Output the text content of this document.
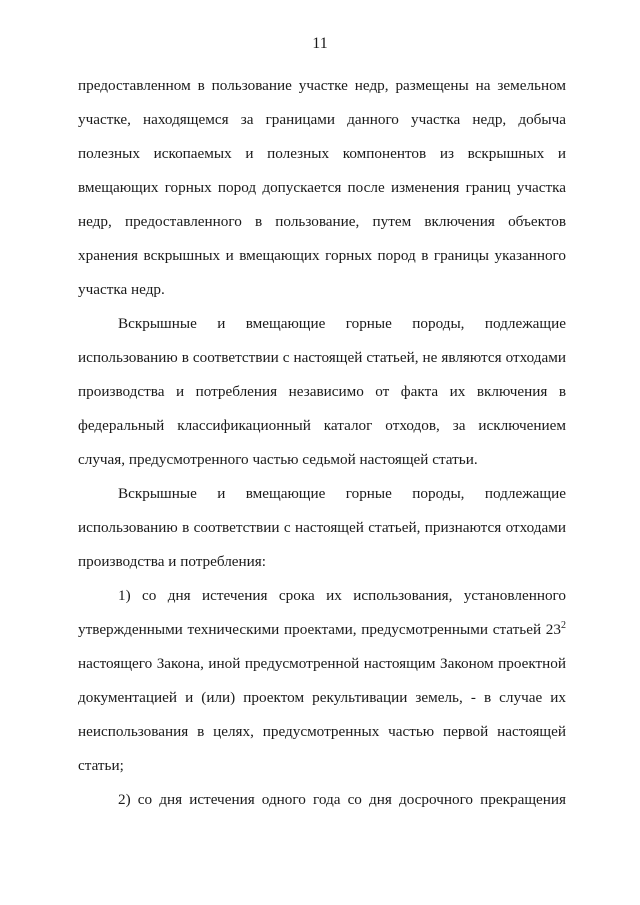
11
предоставленном в пользование участке недр, размещены на земельном
участке, находящемся за границами данного участка недр, добыча
полезных ископаемых и полезных компонентов из вскрышных и
вмещающих горных пород допускается после изменения границ участка
недр, предоставленного в пользование, путем включения объектов
хранения вскрышных и вмещающих горных пород в границы указанного
участка недр.
Вскрышные и вмещающие горные породы, подлежащие
использованию в соответствии с настоящей статьей, не являются отходами
производства и потребления независимо от факта их включения в
федеральный классификационный каталог отходов, за исключением
случая, предусмотренного частью седьмой настоящей статьи.
Вскрышные и вмещающие горные породы, подлежащие
использованию в соответствии с настоящей статьей, признаются отходами
производства и потребления:
1) со дня истечения срока их использования, установленного
утвержденными техническими проектами, предусмотренными статьей $23^2$
настоящего Закона, иной предусмотренной настоящим Законом проектной
документацией и (или) проектом рекультивации земель, - в случае их
неиспользования в целях, предусмотренных частью первой настоящей
статьи;
2) со дня истечения одного года со дня досрочного прекращения
